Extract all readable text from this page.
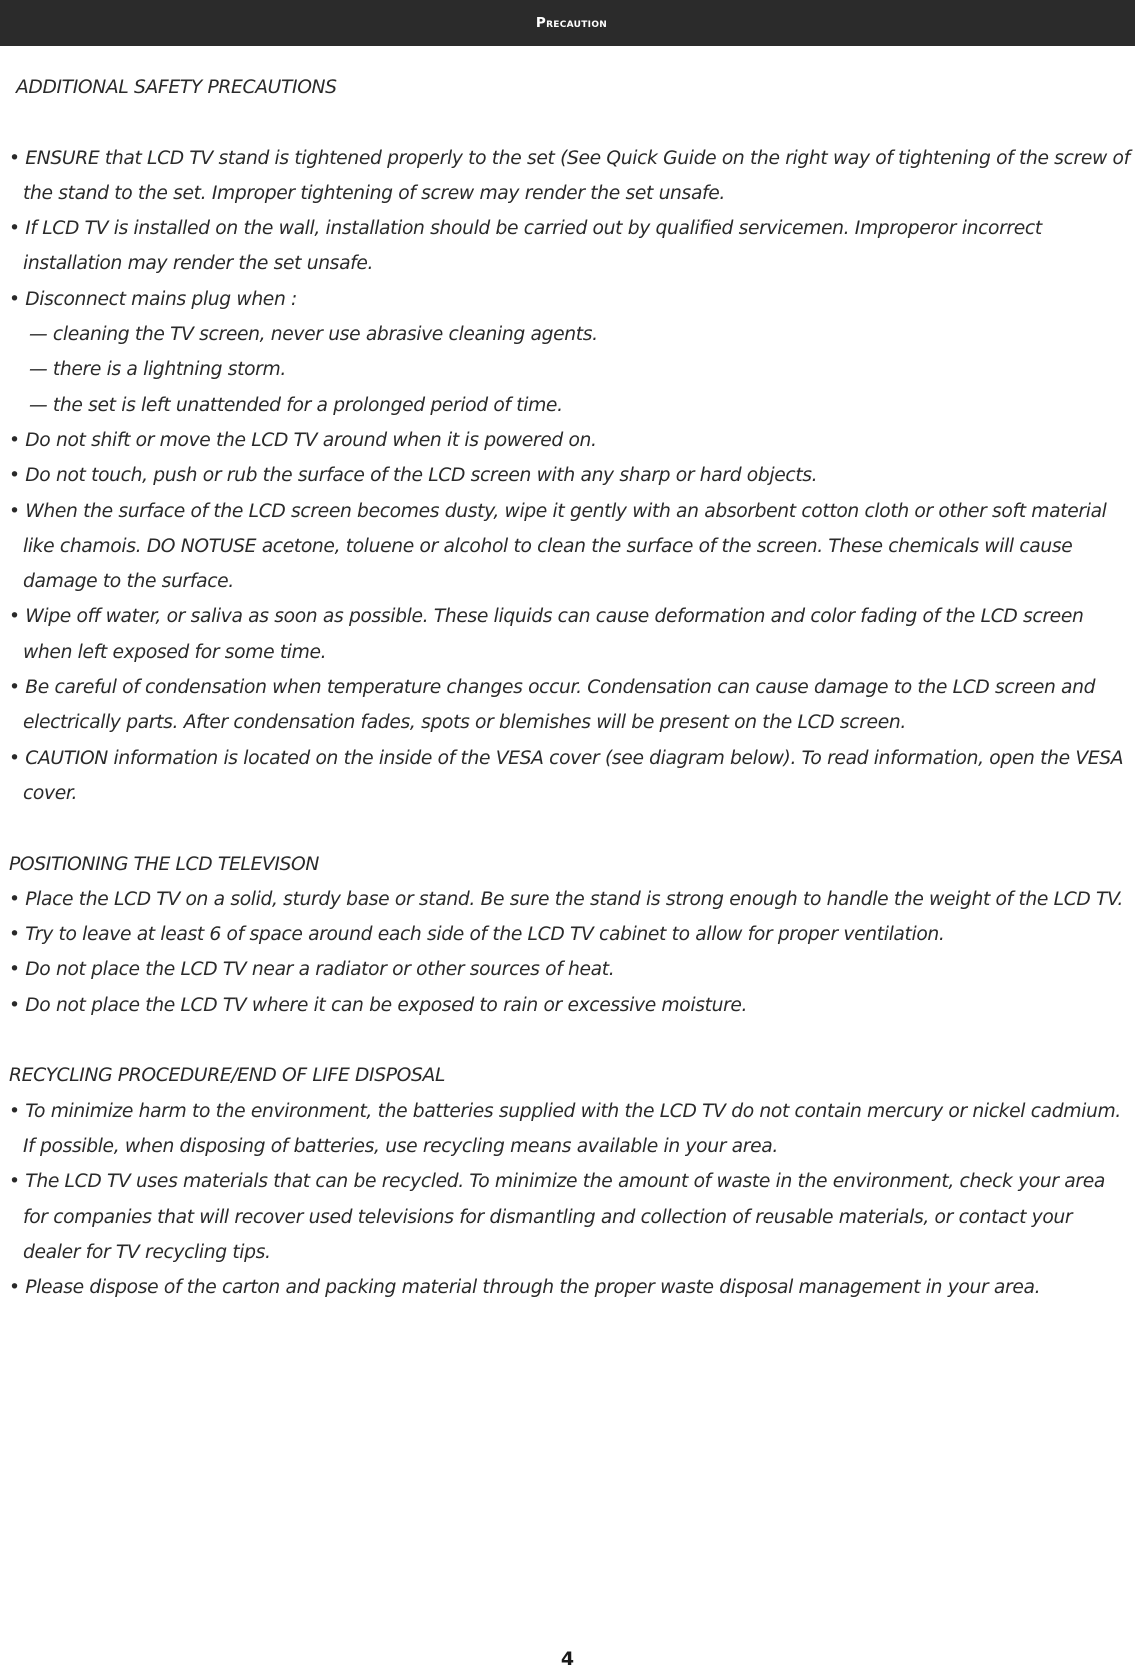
Precaution

ADDITIONAL SAFETY PRECAUTIONS

• ENSURE that LCD TV stand is tightened properly to the set (See Quick Guide on the right way of tightening of the screw of the stand to the set. Improper tightening of screw may render the set unsafe.

• If LCD TV is installed on the wall, installation should be carried out by qualified servicemen. Improperor incorrect installation may render the set unsafe.

• Disconnect mains plug when :

— cleaning the TV screen, never use abrasive cleaning agents.

— there is a lightning storm.

— the set is left unattended for a prolonged period of time.

• Do not shift or move the LCD TV around when it is powered on.

• Do not touch, push or rub the surface of the LCD screen with any sharp or hard objects.

• When the surface of the LCD screen becomes dusty, wipe it gently with an absorbent cotton cloth or other soft material like chamois. DO NOTUSE acetone, toluene or alcohol to clean the surface of the screen. These chemicals will cause damage to the surface.

• Wipe off water, or saliva as soon as possible. These liquids can cause deformation and color fading of the LCD screen when left exposed for some time.

• Be careful of condensation when temperature changes occur. Condensation can cause damage to the LCD screen and electrically parts. After condensation fades, spots or blemishes will be present on the LCD screen.

• CAUTION information is located on the inside of the VESA cover (see diagram below). To read information, open the VESA cover.

POSITIONING THE LCD TELEVISON

• Place the LCD TV on a solid, sturdy base or stand. Be sure the stand is strong enough to handle the weight of the LCD TV.

• Try to leave at least 6 of space around each side of the LCD TV cabinet to allow for proper ventilation.

• Do not place the LCD TV near a radiator or other sources of heat.

• Do not place the LCD TV where it can be exposed to rain or excessive moisture.

RECYCLING PROCEDURE/END OF LIFE DISPOSAL

• To minimize harm to the environment, the batteries supplied with the LCD TV do not contain mercury or nickel cadmium. If possible, when disposing of batteries, use recycling means available in your area.

• The LCD TV uses materials that can be recycled. To minimize the amount of waste in the environment, check your area for companies that will recover used televisions for dismantling and collection of reusable materials, or contact your dealer for TV recycling tips.

• Please dispose of the carton and packing material through the proper waste disposal management in your area.

4
